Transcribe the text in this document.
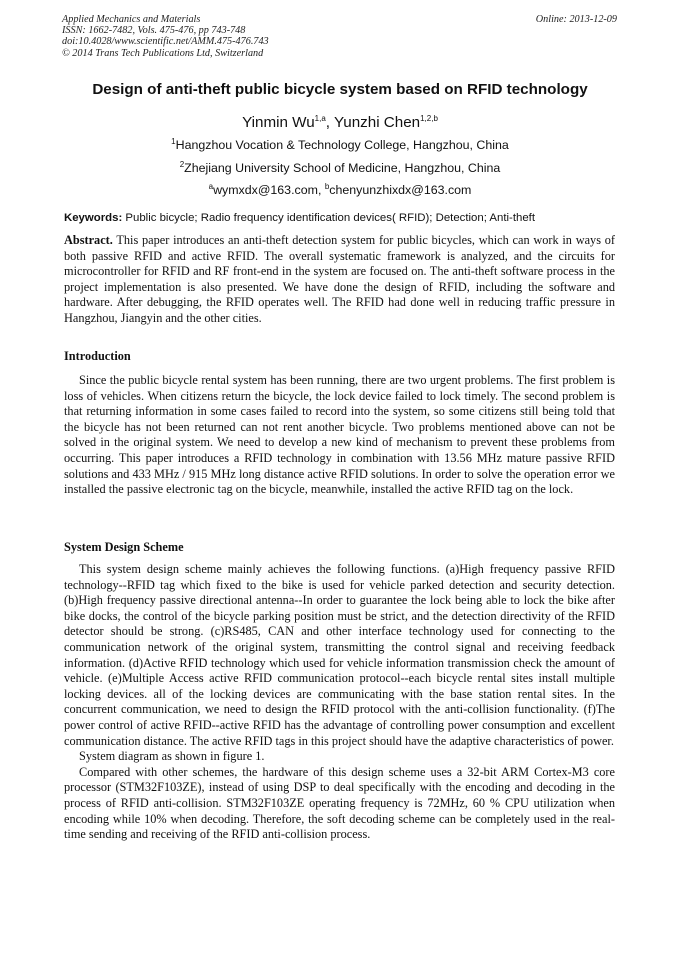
Applied Mechanics and Materials
ISSN: 1662-7482, Vols. 475-476, pp 743-748
doi:10.4028/www.scientific.net/AMM.475-476.743
© 2014 Trans Tech Publications Ltd, Switzerland
Online: 2013-12-09
Design of anti-theft public bicycle system based on RFID technology
Yinmin Wu$^{1,a}$, Yunzhi Chen$^{1,2,b}$
$^1$Hangzhou Vocation & Technology College, Hangzhou, China
$^2$Zhejiang University School of Medicine, Hangzhou, China
$^a$wymxdx@163.com, $^b$chenyunzhixdx@163.com
Keywords: Public bicycle; Radio frequency identification devices( RFID); Detection; Anti-theft

Abstract. This paper introduces an anti-theft detection system for public bicycles, which can work in ways of both passive RFID and active RFID. The overall systematic framework is analyzed, and the circuits for microcontroller for RFID and RF front-end in the system are focused on. The anti-theft software process in the project implementation is also presented. We have done the design of RFID, including the software and hardware. After debugging, the RFID operates well. The RFID had done well in reducing traffic pressure in Hangzhou, Jiangyin and the other cities.

Introduction

Since the public bicycle rental system has been running, there are two urgent problems. The first problem is loss of vehicles. When citizens return the bicycle, the lock device failed to lock timely. The second problem is that returning information in some cases failed to record into the system, so some citizens still being told that the bicycle has not been returned can not rent another bicycle. Two problems mentioned above can not be solved in the original system. We need to develop a new kind of mechanism to prevent these problems from occurring. This paper introduces a RFID technology in combination with 13.56 MHz mature passive RFID solutions and 433 MHz / 915 MHz long distance active RFID solutions. In order to solve the operation error we installed the passive electronic tag on the bicycle, meanwhile, installed the active RFID tag on the lock.

System Design Scheme

This system design scheme mainly achieves the following functions. (a)High frequency passive RFID technology--RFID tag which fixed to the bike is used for vehicle parked detection and security detection. (b)High frequency passive directional antenna--In order to guarantee the lock being able to lock the bike after bike docks, the control of the bicycle parking position must be strict, and the detection directivity of the RFID detector should be strong. (c)RS485, CAN and other interface technology used for connecting to the communication network of the original system, transmitting the control signal and receiving feedback information. (d)Active RFID technology which used for vehicle information transmission check the amount of vehicle. (e)Multiple Access active RFID communication protocol--each bicycle rental sites install multiple locking devices. all of the locking devices are communicating with the base station rental sites. In the concurrent communication, we need to design the RFID protocol with the anti-collision functionality. (f)The power control of active RFID--active RFID has the advantage of controlling power consumption and excellent communication distance. The active RFID tags in this project should have the adaptive characteristics of power.

System diagram as shown in figure 1.

Compared with other schemes, the hardware of this design scheme uses a 32-bit ARM Cortex-M3 core processor (STM32F103ZE), instead of using DSP to deal specifically with the encoding and decoding in the process of RFID anti-collision. STM32F103ZE operating frequency is 72MHz, 60 % CPU utilization when encoding while 10% when decoding. Therefore, the soft decoding scheme can be completely used in the real-time sending and receiving of the RFID anti-collision process.
